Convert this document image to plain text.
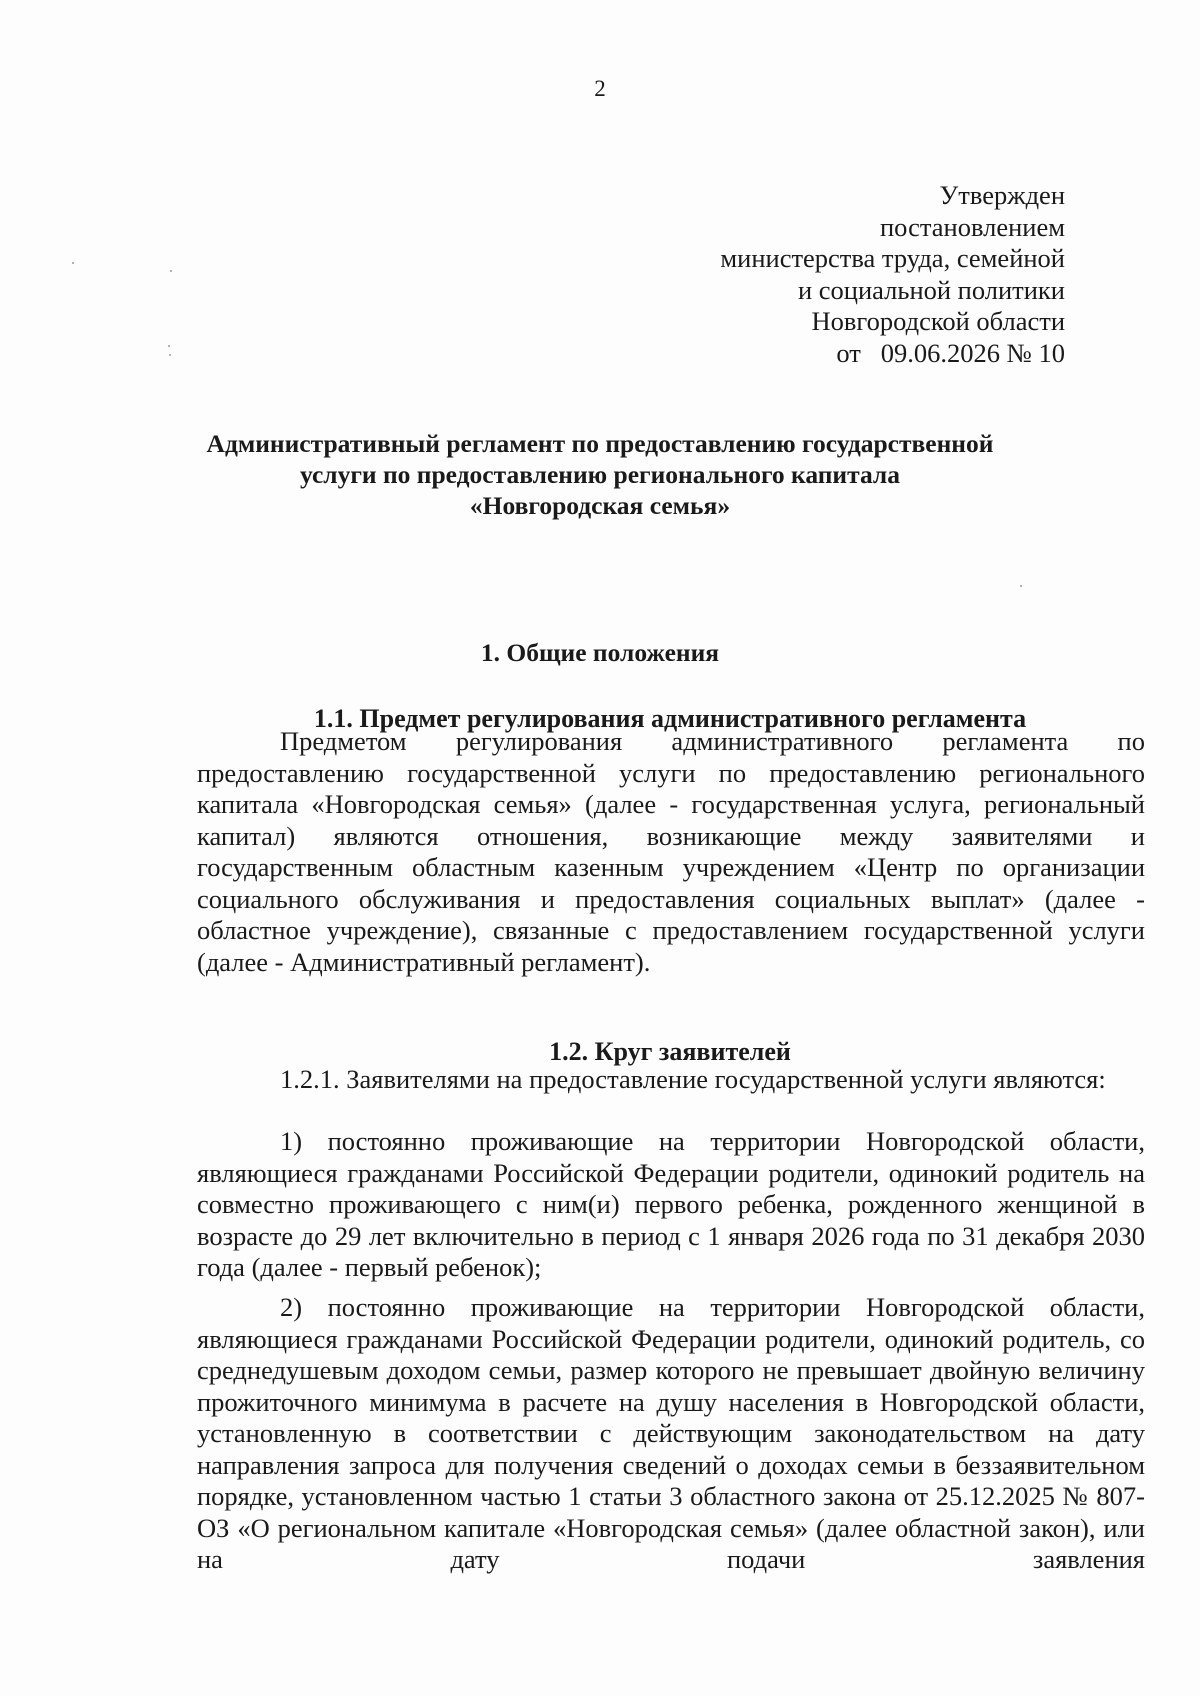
2
Утвержден
постановлением
министерства труда, семейной
и социальной политики
Новгородской области
от   09.06.2026 № 10
Административный регламент по предоставлению государственной
услуги по предоставлению регионального капитала
«Новгородская семья»
1. Общие положения
1.1. Предмет регулирования административного регламента

Предметом регулирования административного регламента по предоставлению государственной услуги по предоставлению регионального капитала «Новгородская семья» (далее - государственная услуга, региональный капитал) являются отношения, возникающие между заявителями и государственным областным казенным учреждением «Центр по организации социального обслуживания и предоставления социальных выплат» (далее - областное учреждение), связанные с предоставлением государственной услуги (далее - Административный регламент).

1.2. Круг заявителей

1.2.1. Заявителями на предоставление государственной услуги являются:

1) постоянно проживающие на территории Новгородской области, являющиеся гражданами Российской Федерации родители, одинокий родитель на совместно проживающего с ним(и) первого ребенка, рожденного женщиной в возрасте до 29 лет включительно в период с 1 января 2026 года по 31 декабря 2030 года (далее - первый ребенок);

2) постоянно проживающие на территории Новгородской области, являющиеся гражданами Российской Федерации родители, одинокий родитель, со среднедушевым доходом семьи, размер которого не превышает двойную величину прожиточного минимума в расчете на душу населения в Новгородской области, установленную в соответствии с действующим законодательством на дату направления запроса для получения сведений о доходах семьи в беззаявительном порядке, установленном частью 1 статьи 3 областного закона от 25.12.2025 № 807-ОЗ «О региональном капитале «Новгородская семья» (далее областной закон), или на дату подачи заявления
